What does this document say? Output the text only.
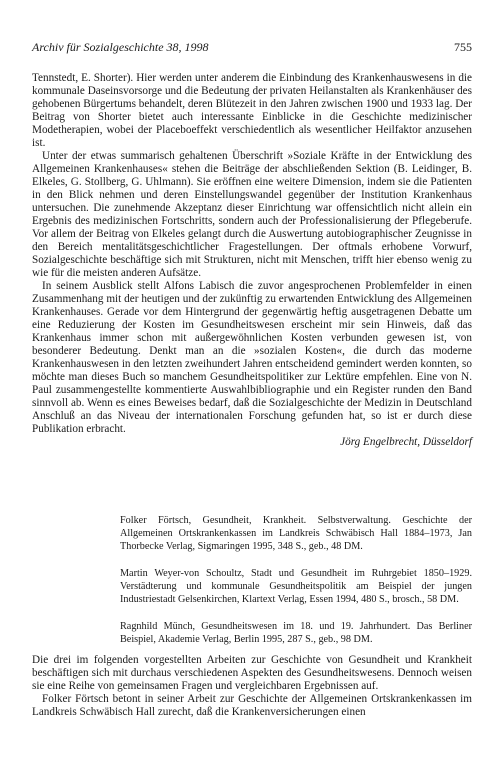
Archiv für Sozialgeschichte 38, 1998	755

Tennstedt, E. Shorter). Hier werden unter anderem die Einbindung des Krankenhauswesens in die kommunale Daseinsvorsorge und die Bedeutung der privaten Heilanstalten als Krankenhäuser des gehobenen Bürgertums behandelt, deren Blütezeit in den Jahren zwischen 1900 und 1933 lag. Der Beitrag von Shorter bietet auch interessante Einblicke in die Geschichte medizinischer Modetherapien, wobei der Placeboeffekt verschiedentlich als wesentlicher Heilfaktor anzusehen ist.

Unter der etwas summarisch gehaltenen Überschrift »Soziale Kräfte in der Entwicklung des Allgemeinen Krankenhauses« stehen die Beiträge der abschließenden Sektion (B. Leidinger, B. Elkeles, G. Stollberg, G. Uhlmann). Sie eröffnen eine weitere Dimension, indem sie die Patienten in den Blick nehmen und deren Einstellungswandel gegenüber der Institution Krankenhaus untersuchen. Die zunehmende Akzeptanz dieser Einrichtung war offensichtlich nicht allein ein Ergebnis des medizinischen Fortschritts, sondern auch der Professionalisierung der Pflegeberufe. Vor allem der Beitrag von Elkeles gelangt durch die Auswertung autobiographischer Zeugnisse in den Bereich mentalitätsgeschichtlicher Fragestellungen. Der oftmals erhobene Vorwurf, Sozialgeschichte beschäftige sich mit Strukturen, nicht mit Menschen, trifft hier ebenso wenig zu wie für die meisten anderen Aufsätze.

In seinem Ausblick stellt Alfons Labisch die zuvor angesprochenen Problemfelder in einen Zusammenhang mit der heutigen und der zukünftig zu erwartenden Entwicklung des Allgemeinen Krankenhauses. Gerade vor dem Hintergrund der gegenwärtig heftig ausgetragenen Debatte um eine Reduzierung der Kosten im Gesundheitswesen erscheint mir sein Hinweis, daß das Krankenhaus immer schon mit außergewöhnlichen Kosten verbunden gewesen ist, von besonderer Bedeutung. Denkt man an die »sozialen Kosten«, die durch das moderne Krankenhauswesen in den letzten zweihundert Jahren entscheidend gemindert werden konnten, so möchte man dieses Buch so manchem Gesundheitspolitiker zur Lektüre empfehlen. Eine von N. Paul zusammengestellte kommentierte Auswahlbibliographie und ein Register runden den Band sinnvoll ab. Wenn es eines Beweises bedarf, daß die Sozialgeschichte der Medizin in Deutschland Anschluß an das Niveau der internationalen Forschung gefunden hat, so ist er durch diese Publikation erbracht.

Jörg Engelbrecht, Düsseldorf

Folker Förtsch, Gesundheit, Krankheit. Selbstverwaltung. Geschichte der Allgemeinen Ortskrankenkassen im Landkreis Schwäbisch Hall 1884–1973, Jan Thorbecke Verlag, Sigmaringen 1995, 348 S., geb., 48 DM.

Martin Weyer-von Schoultz, Stadt und Gesundheit im Ruhrgebiet 1850–1929. Verstädterung und kommunale Gesundheitspolitik am Beispiel der jungen Industriestadt Gelsenkirchen, Klartext Verlag, Essen 1994, 480 S., brosch., 58 DM.

Ragnhild Münch, Gesundheitswesen im 18. und 19. Jahrhundert. Das Berliner Beispiel, Akademie Verlag, Berlin 1995, 287 S., geb., 98 DM.

Die drei im folgenden vorgestellten Arbeiten zur Geschichte von Gesundheit und Krankheit beschäftigen sich mit durchaus verschiedenen Aspekten des Gesundheitswesens. Dennoch weisen sie eine Reihe von gemeinsamen Fragen und vergleichbaren Ergebnissen auf.

Folker Förtsch betont in seiner Arbeit zur Geschichte der Allgemeinen Ortskrankenkassen im Landkreis Schwäbisch Hall zurecht, daß die Krankenversicherungen einen
